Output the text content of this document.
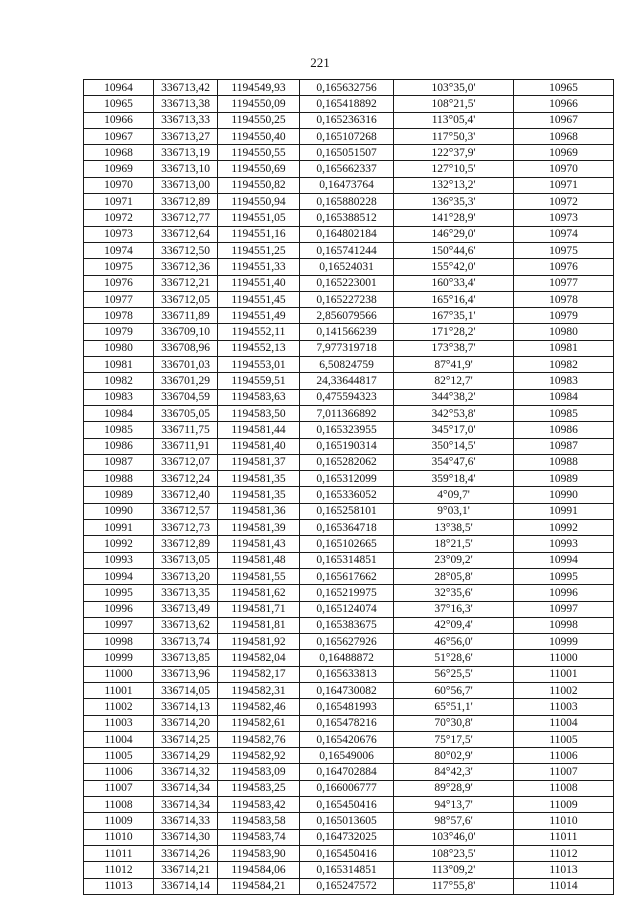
221
10964	336713,42	1194549,93	0,165632756	103°35,0'	10965
10965	336713,38	1194550,09	0,165418892	108°21,5'	10966
10966	336713,33	1194550,25	0,165236316	113°05,4'	10967
10967	336713,27	1194550,40	0,165107268	117°50,3'	10968
10968	336713,19	1194550,55	0,165051507	122°37,9'	10969
10969	336713,10	1194550,69	0,165662337	127°10,5'	10970
10970	336713,00	1194550,82	0,16473764	132°13,2'	10971
10971	336712,89	1194550,94	0,165880228	136°35,3'	10972
10972	336712,77	1194551,05	0,165388512	141°28,9'	10973
10973	336712,64	1194551,16	0,164802184	146°29,0'	10974
10974	336712,50	1194551,25	0,165741244	150°44,6'	10975
10975	336712,36	1194551,33	0,16524031	155°42,0'	10976
10976	336712,21	1194551,40	0,165223001	160°33,4'	10977
10977	336712,05	1194551,45	0,165227238	165°16,4'	10978
10978	336711,89	1194551,49	2,856079566	167°35,1'	10979
10979	336709,10	1194552,11	0,141566239	171°28,2'	10980
10980	336708,96	1194552,13	7,977319718	173°38,7'	10981
10981	336701,03	1194553,01	6,50824759	87°41,9'	10982
10982	336701,29	1194559,51	24,33644817	82°12,7'	10983
10983	336704,59	1194583,63	0,475594323	344°38,2'	10984
10984	336705,05	1194583,50	7,011366892	342°53,8'	10985
10985	336711,75	1194581,44	0,165323955	345°17,0'	10986
10986	336711,91	1194581,40	0,165190314	350°14,5'	10987
10987	336712,07	1194581,37	0,165282062	354°47,6'	10988
10988	336712,24	1194581,35	0,165312099	359°18,4'	10989
10989	336712,40	1194581,35	0,165336052	4°09,7'	10990
10990	336712,57	1194581,36	0,165258101	9°03,1'	10991
10991	336712,73	1194581,39	0,165364718	13°38,5'	10992
10992	336712,89	1194581,43	0,165102665	18°21,5'	10993
10993	336713,05	1194581,48	0,165314851	23°09,2'	10994
10994	336713,20	1194581,55	0,165617662	28°05,8'	10995
10995	336713,35	1194581,62	0,165219975	32°35,6'	10996
10996	336713,49	1194581,71	0,165124074	37°16,3'	10997
10997	336713,62	1194581,81	0,165383675	42°09,4'	10998
10998	336713,74	1194581,92	0,165627926	46°56,0'	10999
10999	336713,85	1194582,04	0,16488872	51°28,6'	11000
11000	336713,96	1194582,17	0,165633813	56°25,5'	11001
11001	336714,05	1194582,31	0,164730082	60°56,7'	11002
11002	336714,13	1194582,46	0,165481993	65°51,1'	11003
11003	336714,20	1194582,61	0,165478216	70°30,8'	11004
11004	336714,25	1194582,76	0,165420676	75°17,5'	11005
11005	336714,29	1194582,92	0,16549006	80°02,9'	11006
11006	336714,32	1194583,09	0,164702884	84°42,3'	11007
11007	336714,34	1194583,25	0,166006777	89°28,9'	11008
11008	336714,34	1194583,42	0,165450416	94°13,7'	11009
11009	336714,33	1194583,58	0,165013605	98°57,6'	11010
11010	336714,30	1194583,74	0,164732025	103°46,0'	11011
11011	336714,26	1194583,90	0,165450416	108°23,5'	11012
11012	336714,21	1194584,06	0,165314851	113°09,2'	11013
11013	336714,14	1194584,21	0,165247572	117°55,8'	11014
